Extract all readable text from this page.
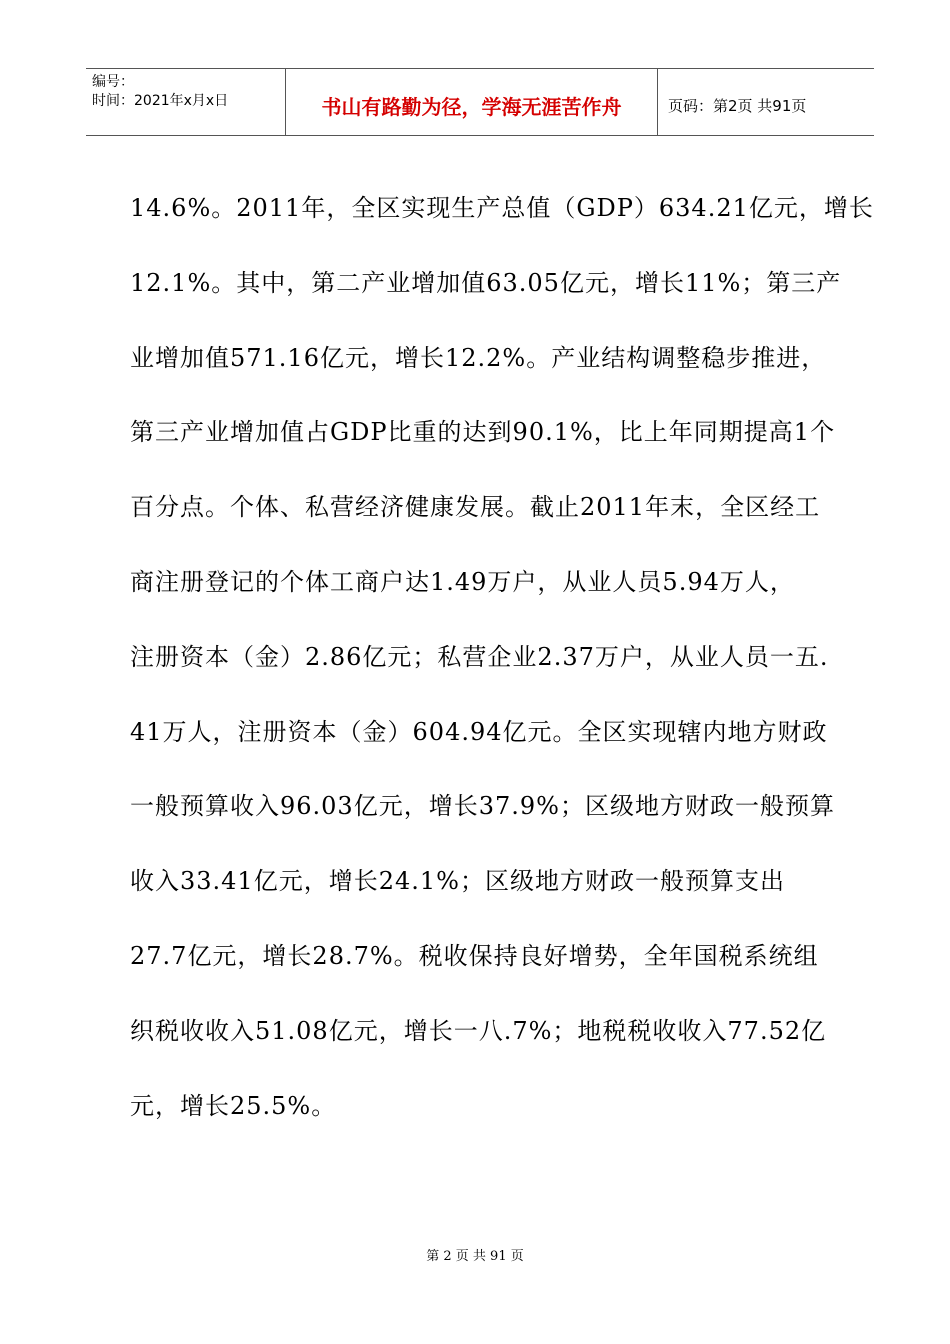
编号：
时间：2021年x月x日	书山有路勤为径，学海无涯苦作舟	页码：第2页 共91页
14.6%。2011年，全区实现生产总值（GDP）634.21亿元，增长
12.1%。其中，第二产业增加值63.05亿元，增长11%；第三产
业增加值571.16亿元，增长12.2%。产业结构调整稳步推进，
第三产业增加值占GDP比重的达到90.1%，比上年同期提高1个
百分点。个体、私营经济健康发展。截止2011年末，全区经工
商注册登记的个体工商户达1.49万户，从业人员5.94万人，
注册资本（金）2.86亿元；私营企业2.37万户，从业人员一五.
41万人，注册资本（金）604.94亿元。全区实现辖内地方财政
一般预算收入96.03亿元，增长37.9%；区级地方财政一般预算
收入33.41亿元，增长24.1%；区级地方财政一般预算支出
27.7亿元，增长28.7%。税收保持良好增势，全年国税系统组
织税收收入51.08亿元，增长一八.7%；地税税收收入77.52亿
元，增长25.5%。
第 2 页 共 91 页
